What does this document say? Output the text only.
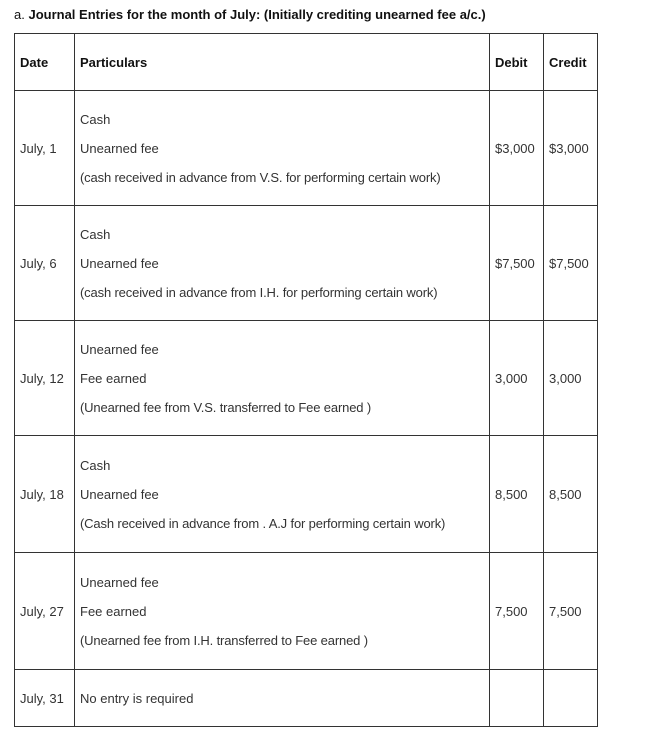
a. Journal Entries for the month of July: (Initially crediting unearned fee a/c.)
Date	Particulars	Debit	Credit
July, 1	Cash
Unearned fee
(cash received in advance from V.S. for performing certain work)	$3,000	$3,000
July, 6	Cash
Unearned fee
(cash received in advance from I.H. for performing certain work)	$7,500	$7,500
July, 12	Unearned fee
Fee earned
(Unearned fee from V.S. transferred to Fee earned )	3,000	3,000
July, 18	Cash
Unearned fee
(Cash received in advance from . A.J for performing certain work)	8,500	8,500
July, 27	Unearned fee
Fee earned
(Unearned fee from I.H. transferred to Fee earned )	7,500	7,500
July, 31	No entry is required		
